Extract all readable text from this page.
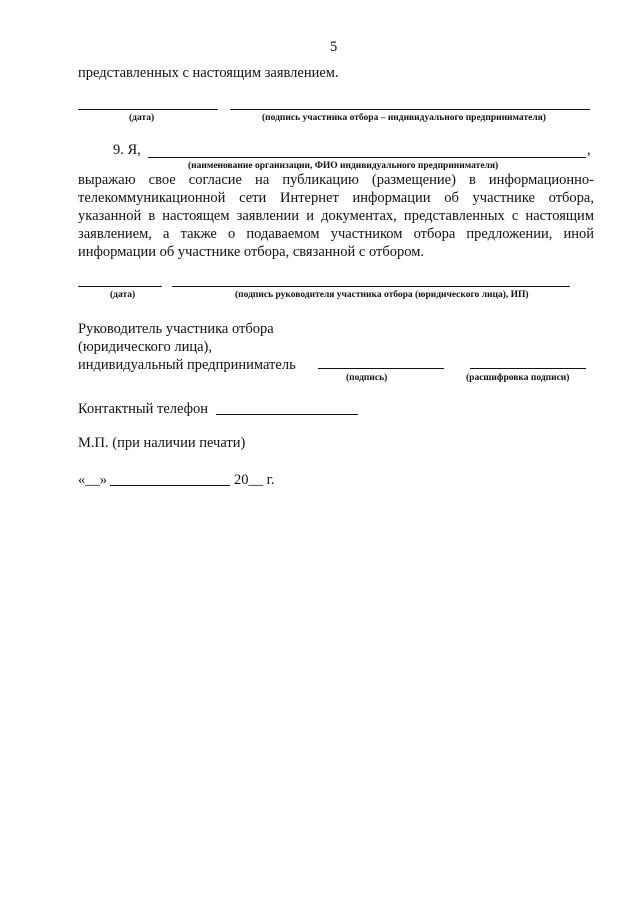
5
представленных с настоящим заявлением.
(дата)	(подпись участника отбора – индивидуального предпринимателя)
9. Я,	,
(наименование организации, ФИО индивидуального предпринимателя)
выражаю свое согласие на публикацию (размещение) в информационно-телекоммуникационной сети Интернет информации об участнике отбора, указанной в настоящем заявлении и документах, представленных с настоящим заявлением, а также о подаваемом участником отбора предложении, иной информации об участнике отбора, связанной с отбором.
(дата)	(подпись руководителя участника отбора (юридического лица), ИП)
Руководитель участника отбора
(юридического лица),
индивидуальный предприниматель
(подпись)	(расшифровка подписи)
Контактный телефон
М.П. (при наличии печати)
«__»	20__ г.
